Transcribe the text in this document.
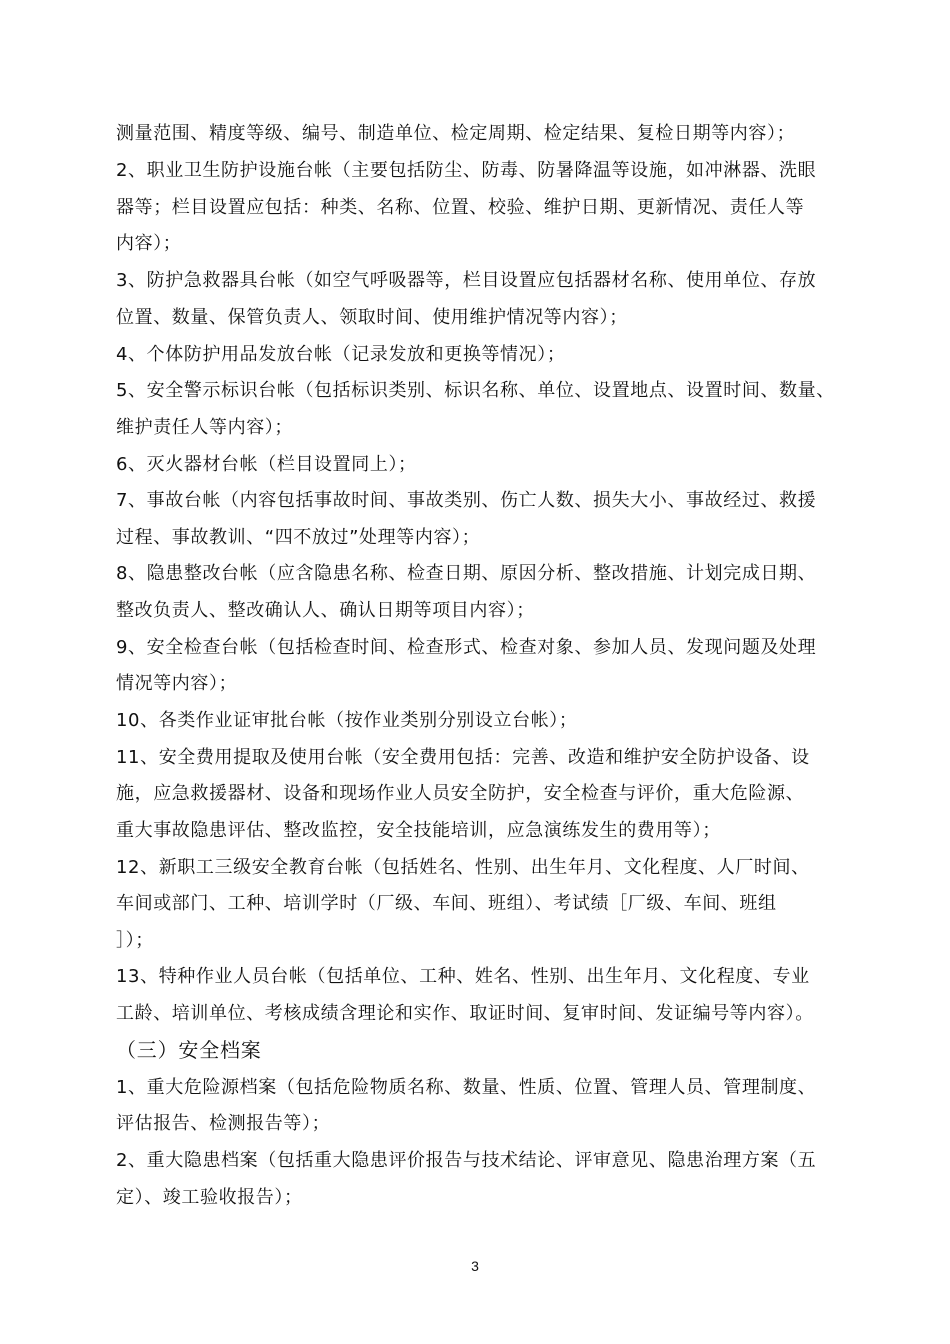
测量范围、精度等级、编号、制造单位、检定周期、检定结果、复检日期等内容）；
2、职业卫生防护设施台帐（主要包括防尘、防毒、防暑降温等设施，如冲淋器、洗眼
器等；栏目设置应包括：种类、名称、位置、校验、维护日期、更新情况、责任人等
内容）；
3、防护急救器具台帐（如空气呼吸器等，栏目设置应包括器材名称、使用单位、存放
位置、数量、保管负责人、领取时间、使用维护情况等内容）；
4、个体防护用品发放台帐（记录发放和更换等情况）；
5、安全警示标识台帐（包括标识类别、标识名称、单位、设置地点、设置时间、数量、
维护责任人等内容）；
6、灭火器材台帐（栏目设置同上）；
7、事故台帐（内容包括事故时间、事故类别、伤亡人数、损失大小、事故经过、救援
过程、事故教训、“四不放过”处理等内容）；
8、隐患整改台帐（应含隐患名称、检查日期、原因分析、整改措施、计划完成日期、
整改负责人、整改确认人、确认日期等项目内容）；
9、安全检查台帐（包括检查时间、检查形式、检查对象、参加人员、发现问题及处理
情况等内容）；
10、各类作业证审批台帐（按作业类别分别设立台帐）；
11、安全费用提取及使用台帐（安全费用包括：完善、改造和维护安全防护设备、设
施，应急救援器材、设备和现场作业人员安全防护，安全检查与评价，重大危险源、
重大事故隐患评估、整改监控，安全技能培训，应急演练发生的费用等）；
12、新职工三级安全教育台帐（包括姓名、性别、出生年月、文化程度、人厂时间、
车间或部门、工种、培训学时（厂级、车间、班组）、考试绩［厂级、车间、班组
］）；
13、特种作业人员台帐（包括单位、工种、姓名、性别、出生年月、文化程度、专业
工龄、培训单位、考核成绩含理论和实作、取证时间、复审时间、发证编号等内容）。
（三）安全档案
1、重大危险源档案（包括危险物质名称、数量、性质、位置、管理人员、管理制度、
评估报告、检测报告等）；
2、重大隐患档案（包括重大隐患评价报告与技术结论、评审意见、隐患治理方案（五
定）、竣工验收报告）；
3
